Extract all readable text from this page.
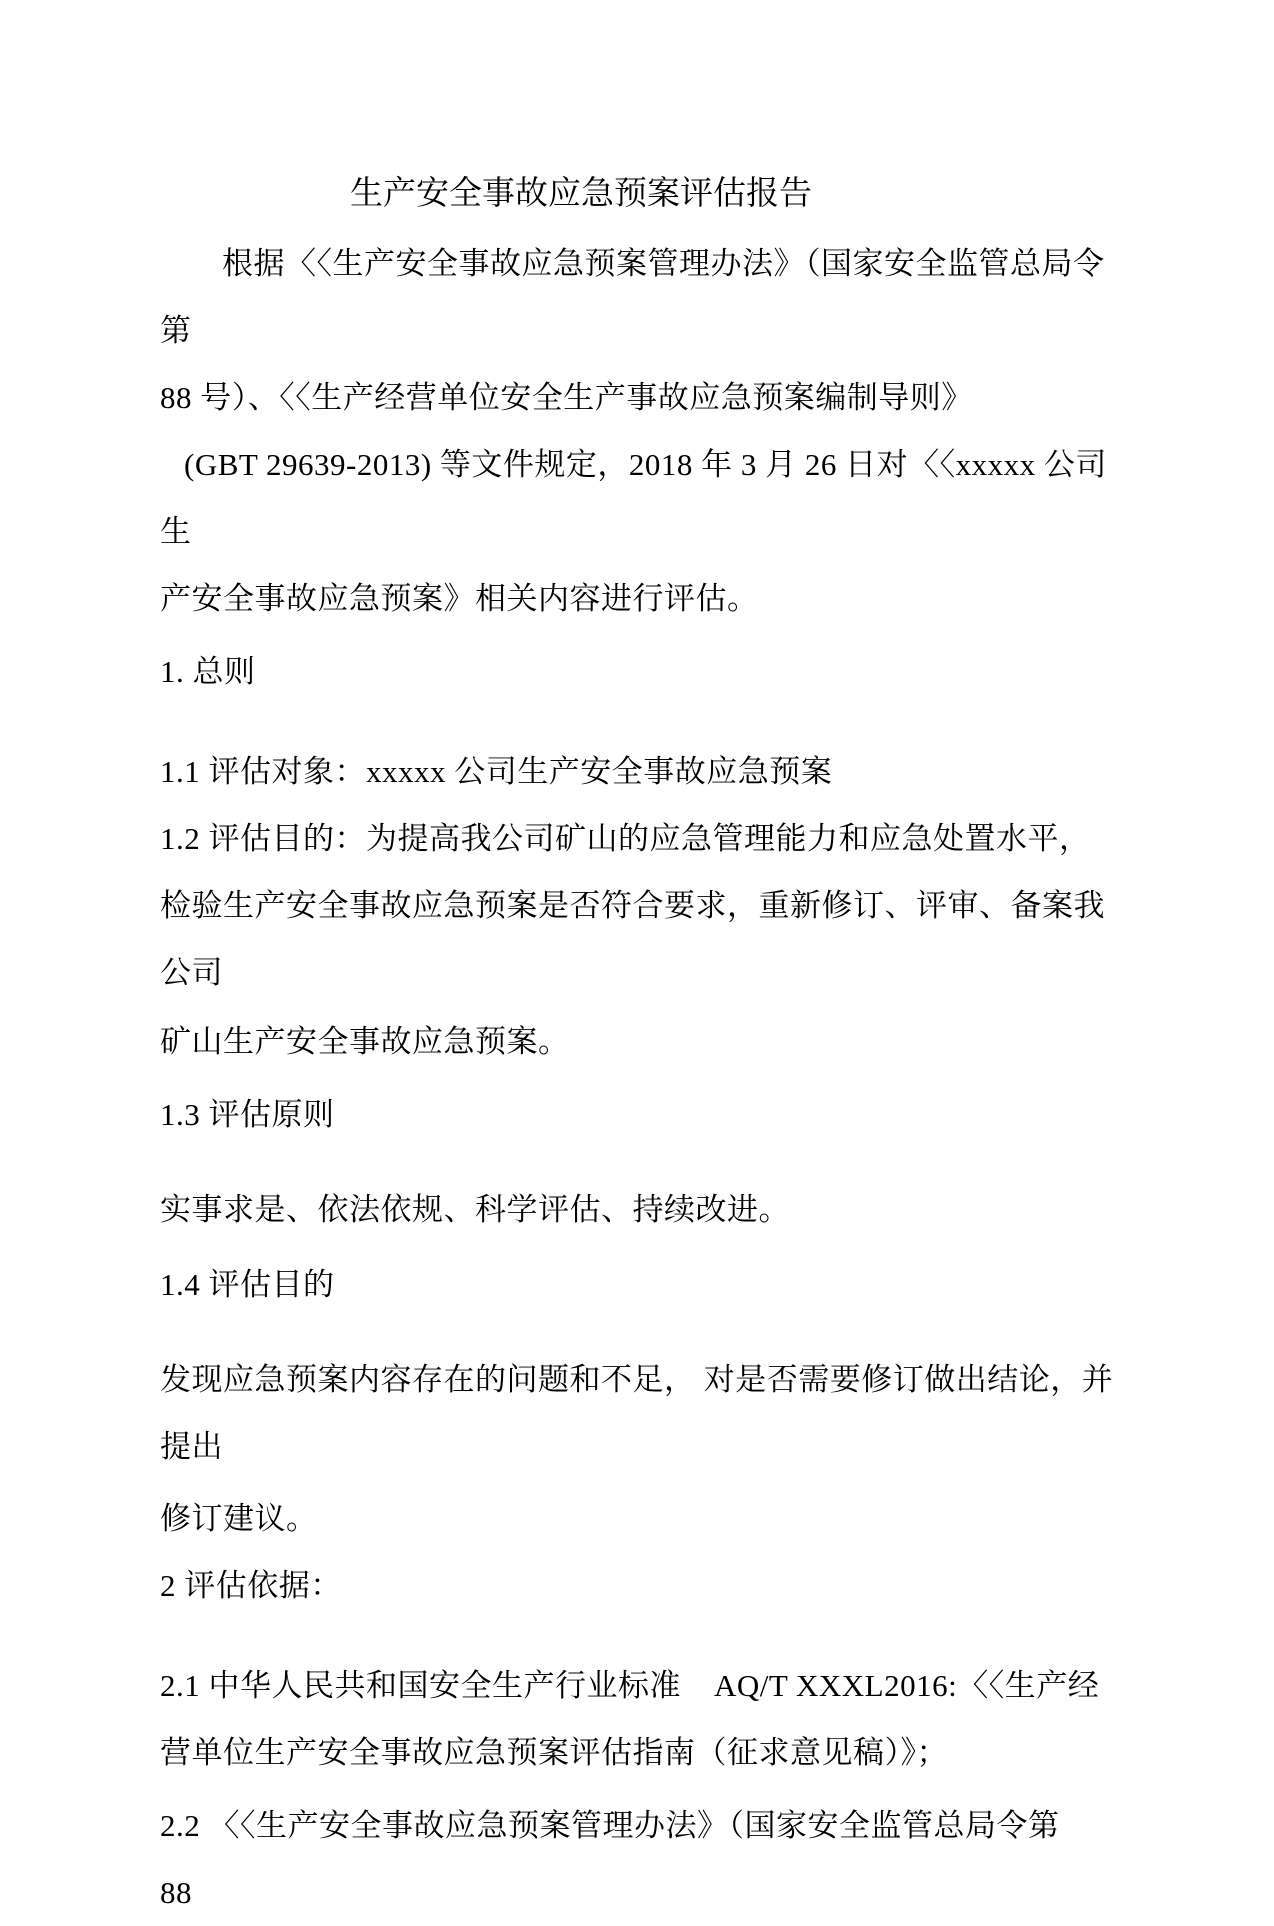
生产安全事故应急预案评估报告
根据〈〈生产安全事故应急预案管理办法》（国家安全监管总局令 第
88 号）、〈〈生产经营单位安全生产事故应急预案编制导则》
(GBT 29639-2013) 等文件规定，2018 年 3 月 26 日对〈〈xxxxx 公司 生
产安全事故应急预案》相关内容进行评估。
1. 总则
1.1 评估对象：xxxxx 公司生产安全事故应急预案
1.2 评估目的：为提高我公司矿山的应急管理能力和应急处置水平，
检验生产安全事故应急预案是否符合要求，重新修订、评审、备案我 公司
矿山生产安全事故应急预案。
1.3 评估原则
实事求是、依法依规、科学评估、持续改进。
1.4 评估目的
发现应急预案内容存在的问题和不足， 对是否需要修订做出结论，并 提出
修订建议。
2 评估依据：
2.1 中华人民共和国安全生产行业标准    AQ/T XXXL2016:〈〈生产经
营单位生产安全事故应急预案评估指南（征求意见稿）》；
2.2 〈〈生产安全事故应急预案管理办法》（国家安全监管总局令第    88
